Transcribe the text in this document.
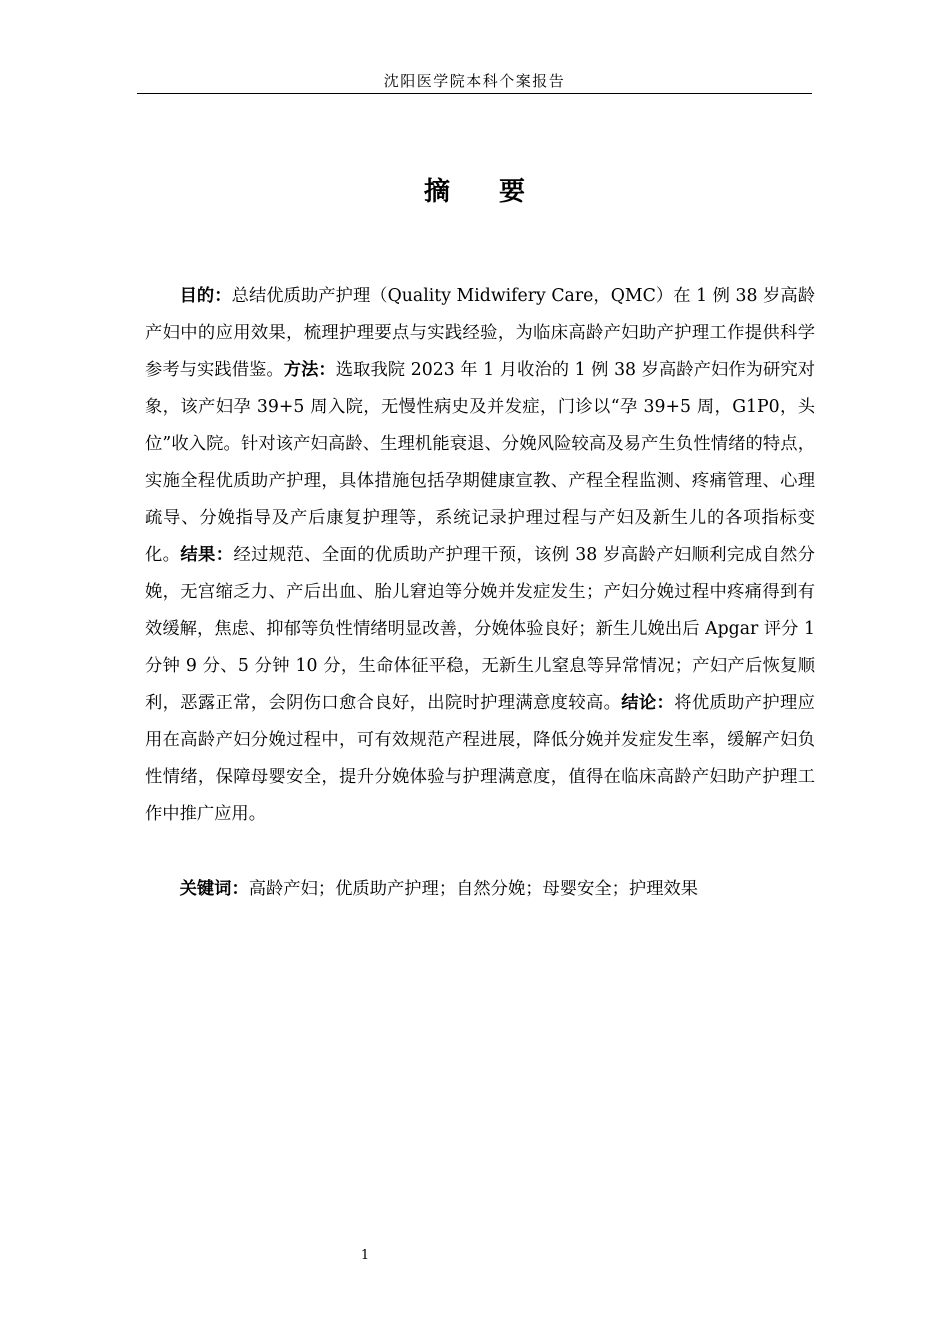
沈阳医学院本科个案报告
摘 要

目的：总结优质助产护理（Quality Midwifery Care，QMC）在 1 例 38 岁高龄产妇中的应用效果，梳理护理要点与实践经验，为临床高龄产妇助产护理工作提供科学参考与实践借鉴。方法：选取我院 2023 年 1 月收治的 1 例 38 岁高龄产妇作为研究对象，该产妇孕 39+5 周入院，无慢性病史及并发症，门诊以“孕 39+5 周，G1P0，头位”收入院。针对该产妇高龄、生理机能衰退、分娩风险较高及易产生负性情绪的特点，实施全程优质助产护理，具体措施包括孕期健康宣教、产程全程监测、疼痛管理、心理疏导、分娩指导及产后康复护理等，系统记录护理过程与产妇及新生儿的各项指标变化。结果：经过规范、全面的优质助产护理干预，该例 38 岁高龄产妇顺利完成自然分娩，无宫缩乏力、产后出血、胎儿窘迫等分娩并发症发生；产妇分娩过程中疼痛得到有效缓解，焦虑、抑郁等负性情绪明显改善，分娩体验良好；新生儿娩出后 Apgar 评分 1 分钟 9 分、5 分钟 10 分，生命体征平稳，无新生儿窒息等异常情况；产妇产后恢复顺利，恶露正常，会阴伤口愈合良好，出院时护理满意度较高。结论：将优质助产护理应用在高龄产妇分娩过程中，可有效规范产程进展，降低分娩并发症发生率，缓解产妇负性情绪，保障母婴安全，提升分娩体验与护理满意度，值得在临床高龄产妇助产护理工作中推广应用。

关键词：高龄产妇；优质助产护理；自然分娩；母婴安全；护理效果

1
